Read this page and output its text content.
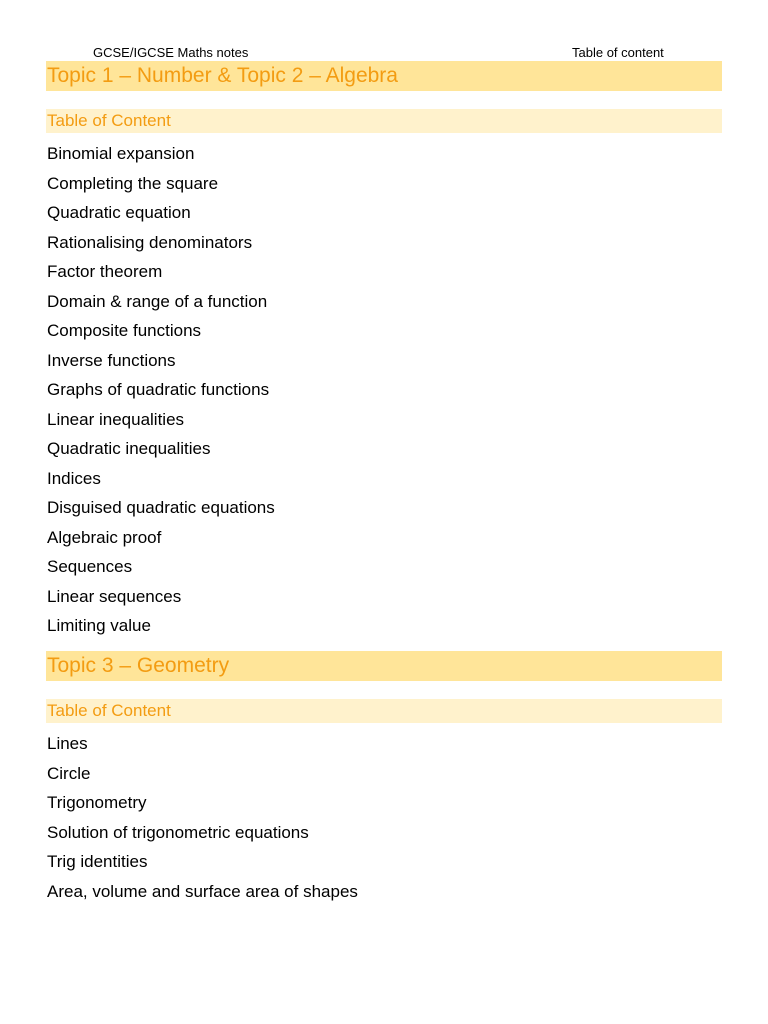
GCSE/IGCSE Maths notes	Table of content
Topic 1 – Number & Topic 2 – Algebra
Table of Content
Binomial expansion
Completing the square
Quadratic equation
Rationalising denominators
Factor theorem
Domain & range of a function
Composite functions
Inverse functions
Graphs of quadratic functions
Linear inequalities
Quadratic inequalities
Indices
Disguised quadratic equations
Algebraic proof
Sequences
Linear sequences
Limiting value
Topic 3 – Geometry
Table of Content
Lines
Circle
Trigonometry
Solution of trigonometric equations
Trig identities
Area, volume and surface area of shapes
